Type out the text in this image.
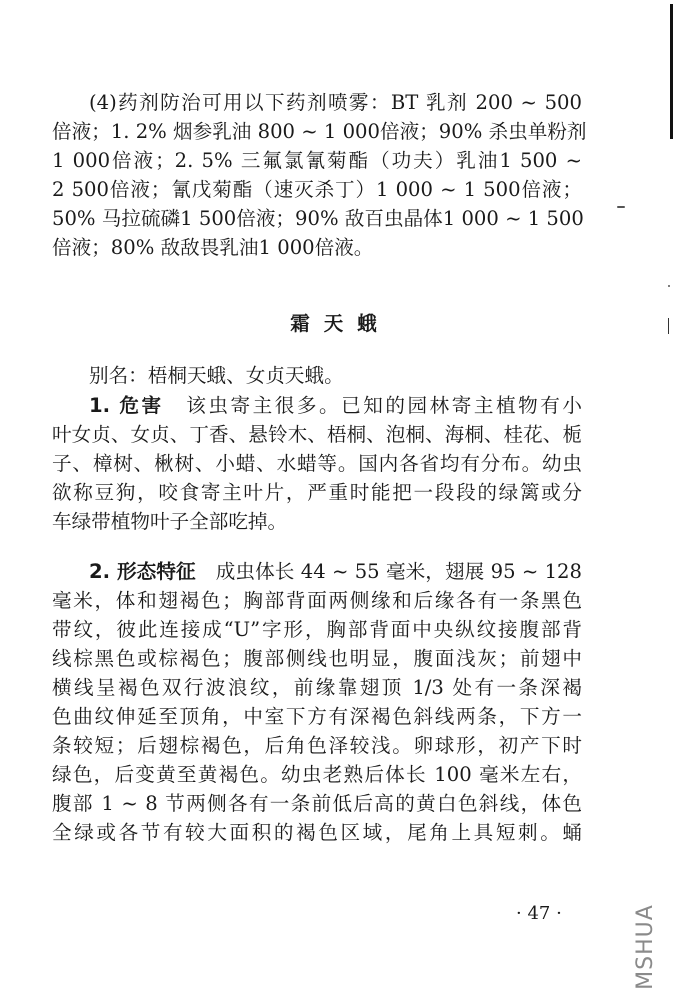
(4)药剂防治可用以下药剂喷雾：BT 乳剂 200 ~ 500
倍液；1. 2% 烟参乳油 800 ~ 1 000倍液；90% 杀虫单粉剂
1 000倍液；2. 5% 三氟氯氰菊酯（功夫）乳油1 500 ~
2 500倍液；氰戊菊酯（速灭杀丁）1 000 ~ 1 500倍液；
50% 马拉硫磷1 500倍液；90% 敌百虫晶体1 000 ~ 1 500
倍液；80% 敌敌畏乳油1 000倍液。
霜天蛾
别名：梧桐天蛾、女贞天蛾。
1. 危害 该虫寄主很多。已知的园林寄主植物有小
叶女贞、女贞、丁香、悬铃木、梧桐、泡桐、海桐、桂花、栀
子、樟树、楸树、小蜡、水蜡等。国内各省均有分布。幼虫
欲称豆狗，咬食寄主叶片，严重时能把一段段的绿篱或分
车绿带植物叶子全部吃掉。
2. 形态特征 成虫体长 44 ~ 55 毫米，翅展 95 ~ 128
毫米，体和翅褐色；胸部背面两侧缘和后缘各有一条黑色
带纹，彼此连接成“U”字形，胸部背面中央纵纹接腹部背
线棕黑色或棕褐色；腹部侧线也明显，腹面浅灰；前翅中
横线呈褐色双行波浪纹，前缘靠翅顶 1/3 处有一条深褐
色曲纹伸延至顶角，中室下方有深褐色斜线两条，下方一
条较短；后翅棕褐色，后角色泽较浅。卵球形，初产下时
绿色，后变黄至黄褐色。幼虫老熟后体长 100 毫米左右，
腹部 1 ~ 8 节两侧各有一条前低后高的黄白色斜线，体色
全绿或各节有较大面积的褐色区域，尾角上具短刺。蛹
· 47 ·	MSHUA
